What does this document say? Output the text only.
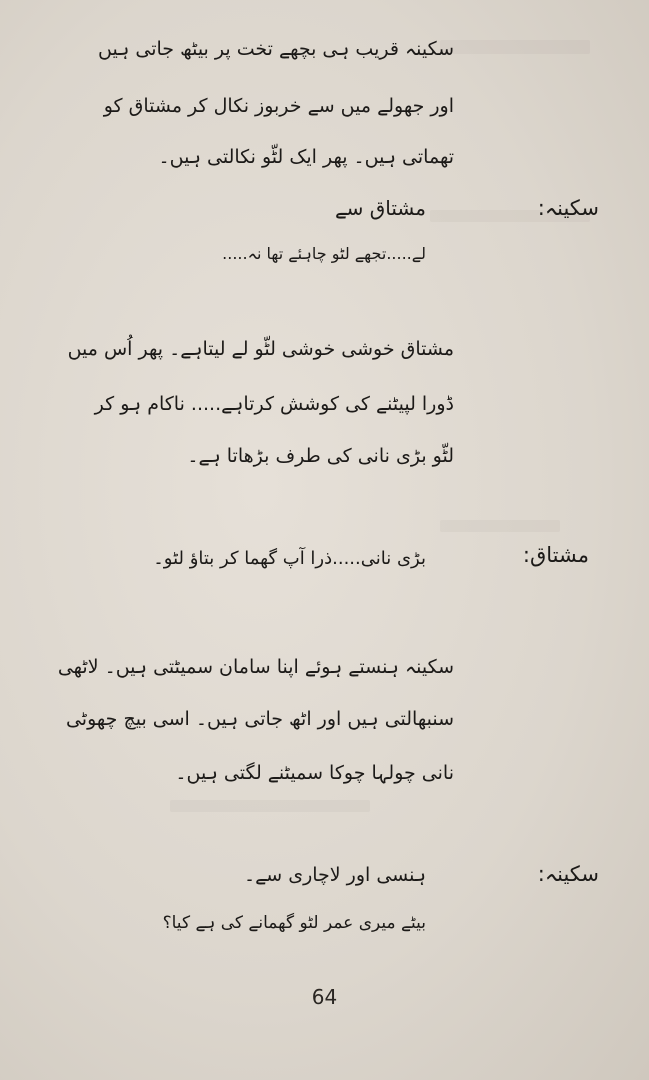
سکینہ قریب ہی بچھے تخت پر بیٹھ جاتی ہیں
اور جھولے میں سے خربوز نکال کر مشتاق کو
تھماتی ہیں۔ پھر ایک لٹّو نکالتی ہیں۔
سکینہ:
مشتاق سے
لے.....تجھے لٹو چاہئے تھا نہ.....
مشتاق خوشی خوشی لٹّو لے لیتاہے۔ پھر اُس میں
ڈورا لپیٹنے کی کوشش کرتاہے..... ناکام ہو کر
لٹّو بڑی نانی کی طرف بڑھاتا ہے۔
مشتاق:
بڑی نانی.....ذرا آپ گھما کر بتاؤ لٹو۔
سکینہ ہنستے ہوئے اپنا سامان سمیٹتی ہیں۔ لاٹھی
سنبھالتی ہیں اور اٹھ جاتی ہیں۔ اسی بیچ چھوٹی
نانی چولہا چوکا سمیٹنے لگتی ہیں۔
سکینہ:
ہنسی اور لاچاری سے۔
بیٹے میری عمر لٹو گھمانے کی ہے کیا؟
64
